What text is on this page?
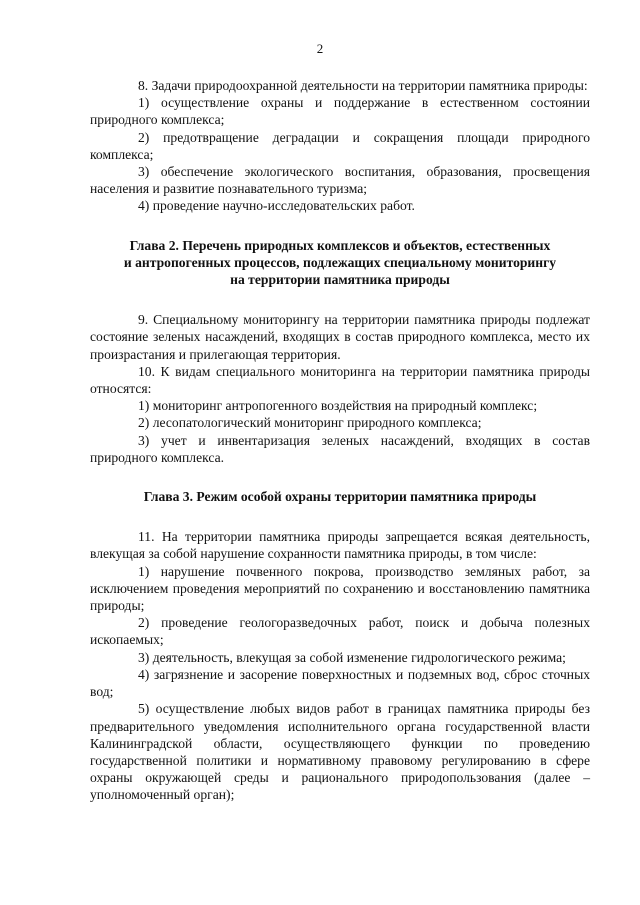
2

8. Задачи природоохранной деятельности на территории памятника природы:

1) осуществление охраны и поддержание в естественном состоянии природного комплекса;

2) предотвращение деградации и сокращения площади природного комплекса;

3) обеспечение экологического воспитания, образования, просвещения населения и развитие познавательного туризма;

4) проведение научно-исследовательских работ.

Глава 2. Перечень природных комплексов и объектов, естественных
и антропогенных процессов, подлежащих специальному мониторингу
на территории памятника природы

9. Специальному мониторингу на территории памятника природы подлежат состояние зеленых насаждений, входящих в состав природного комплекса, место их произрастания и прилегающая территория.

10. К видам специального мониторинга на территории памятника природы относятся:

1) мониторинг антропогенного воздействия на природный комплекс;

2) лесопатологический мониторинг природного комплекса;

3) учет и инвентаризация зеленых насаждений, входящих в состав природного комплекса.

Глава 3. Режим особой охраны территории памятника природы

11. На территории памятника природы запрещается всякая деятельность, влекущая за собой нарушение сохранности памятника природы, в том числе:

1) нарушение почвенного покрова, производство земляных работ, за исключением проведения мероприятий по сохранению и восстановлению памятника природы;

2) проведение геологоразведочных работ, поиск и добыча полезных ископаемых;

3) деятельность, влекущая за собой изменение гидрологического режима;

4) загрязнение и засорение поверхностных и подземных вод, сброс сточных вод;

5) осуществление любых видов работ в границах памятника природы без предварительного уведомления исполнительного органа государственной власти Калининградской области, осуществляющего функции по проведению государственной политики и нормативному правовому регулированию в сфере охраны окружающей среды и рационального природопользования (далее – уполномоченный орган);
